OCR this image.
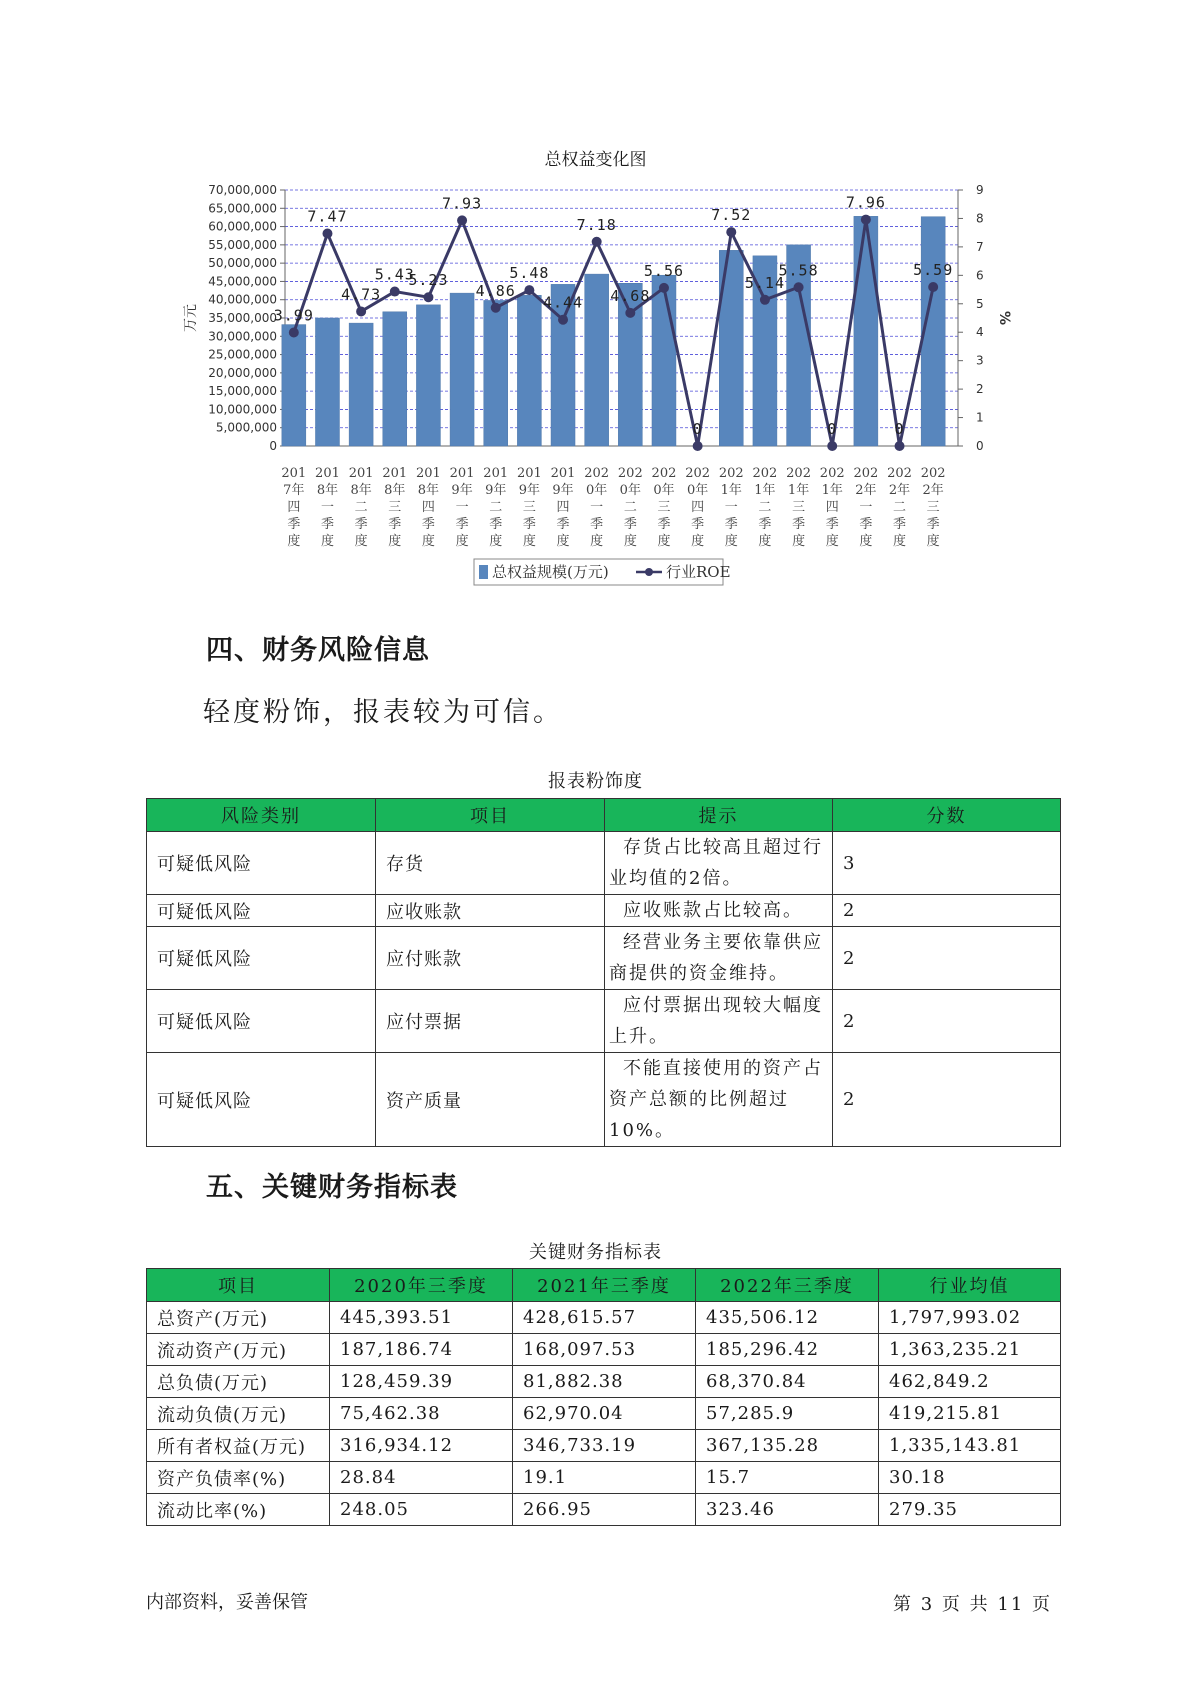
总权益变化图
70,000,000
65,000,000
60,000,000
55,000,000
50,000,000
45,000,000
40,000,000
35,000,000
30,000,000
25,000,000
20,000,000
15,000,000
10,000,000
5,000,000
0
9
8
7
6
5
4
3
2
1
0
万元	%
201
7年
四
季
度
201
8年
一
季
度
201
8年
二
季
度
201
8年
三
季
度
201
8年
四
季
度
201
9年
一
季
度
201
9年
二
季
度
201
9年
三
季
度
201
9年
四
季
度
202
0年
一
季
度
202
0年
二
季
度
202
0年
三
季
度
202
0年
四
季
度
202
1年
一
季
度
202
1年
二
季
度
202
1年
三
季
度
202
1年
四
季
度
202
2年
一
季
度
202
2年
二
季
度
202
2年
三
季
度
3.99
7.47
4.73
5.43
5.23
7.93
4.86
5.48
4.44
7.18
4.68
5.56
0
7.52
5.14
5.58
0
7.96
0
5.59
总权益规模(万元)	行业ROE
四、财务风险信息
轻度粉饰，报表较为可信。
报表粉饰度
风险类别	项目	提示	分数
可疑低风险	存货	存货占比较高且超过行业均值的2倍。	3
可疑低风险	应收账款	应收账款占比较高。	2
可疑低风险	应付账款	经营业务主要依靠供应商提供的资金维持。	2
可疑低风险	应付票据	应付票据出现较大幅度上升。	2
可疑低风险	资产质量	不能直接使用的资产占资产总额的比例超过10%。	2
五、关键财务指标表
关键财务指标表
项目	2020年三季度	2021年三季度	2022年三季度	行业均值
总资产(万元)	445,393.51	428,615.57	435,506.12	1,797,993.02
流动资产(万元)	187,186.74	168,097.53	185,296.42	1,363,235.21
总负债(万元)	128,459.39	81,882.38	68,370.84	462,849.2
流动负债(万元)	75,462.38	62,970.04	57,285.9	419,215.81
所有者权益(万元)	316,934.12	346,733.19	367,135.28	1,335,143.81
资产负债率(%)	28.84	19.1	15.7	30.18
流动比率(%)	248.05	266.95	323.46	279.35
内部资料，妥善保管	第 3 页 共 11 页
